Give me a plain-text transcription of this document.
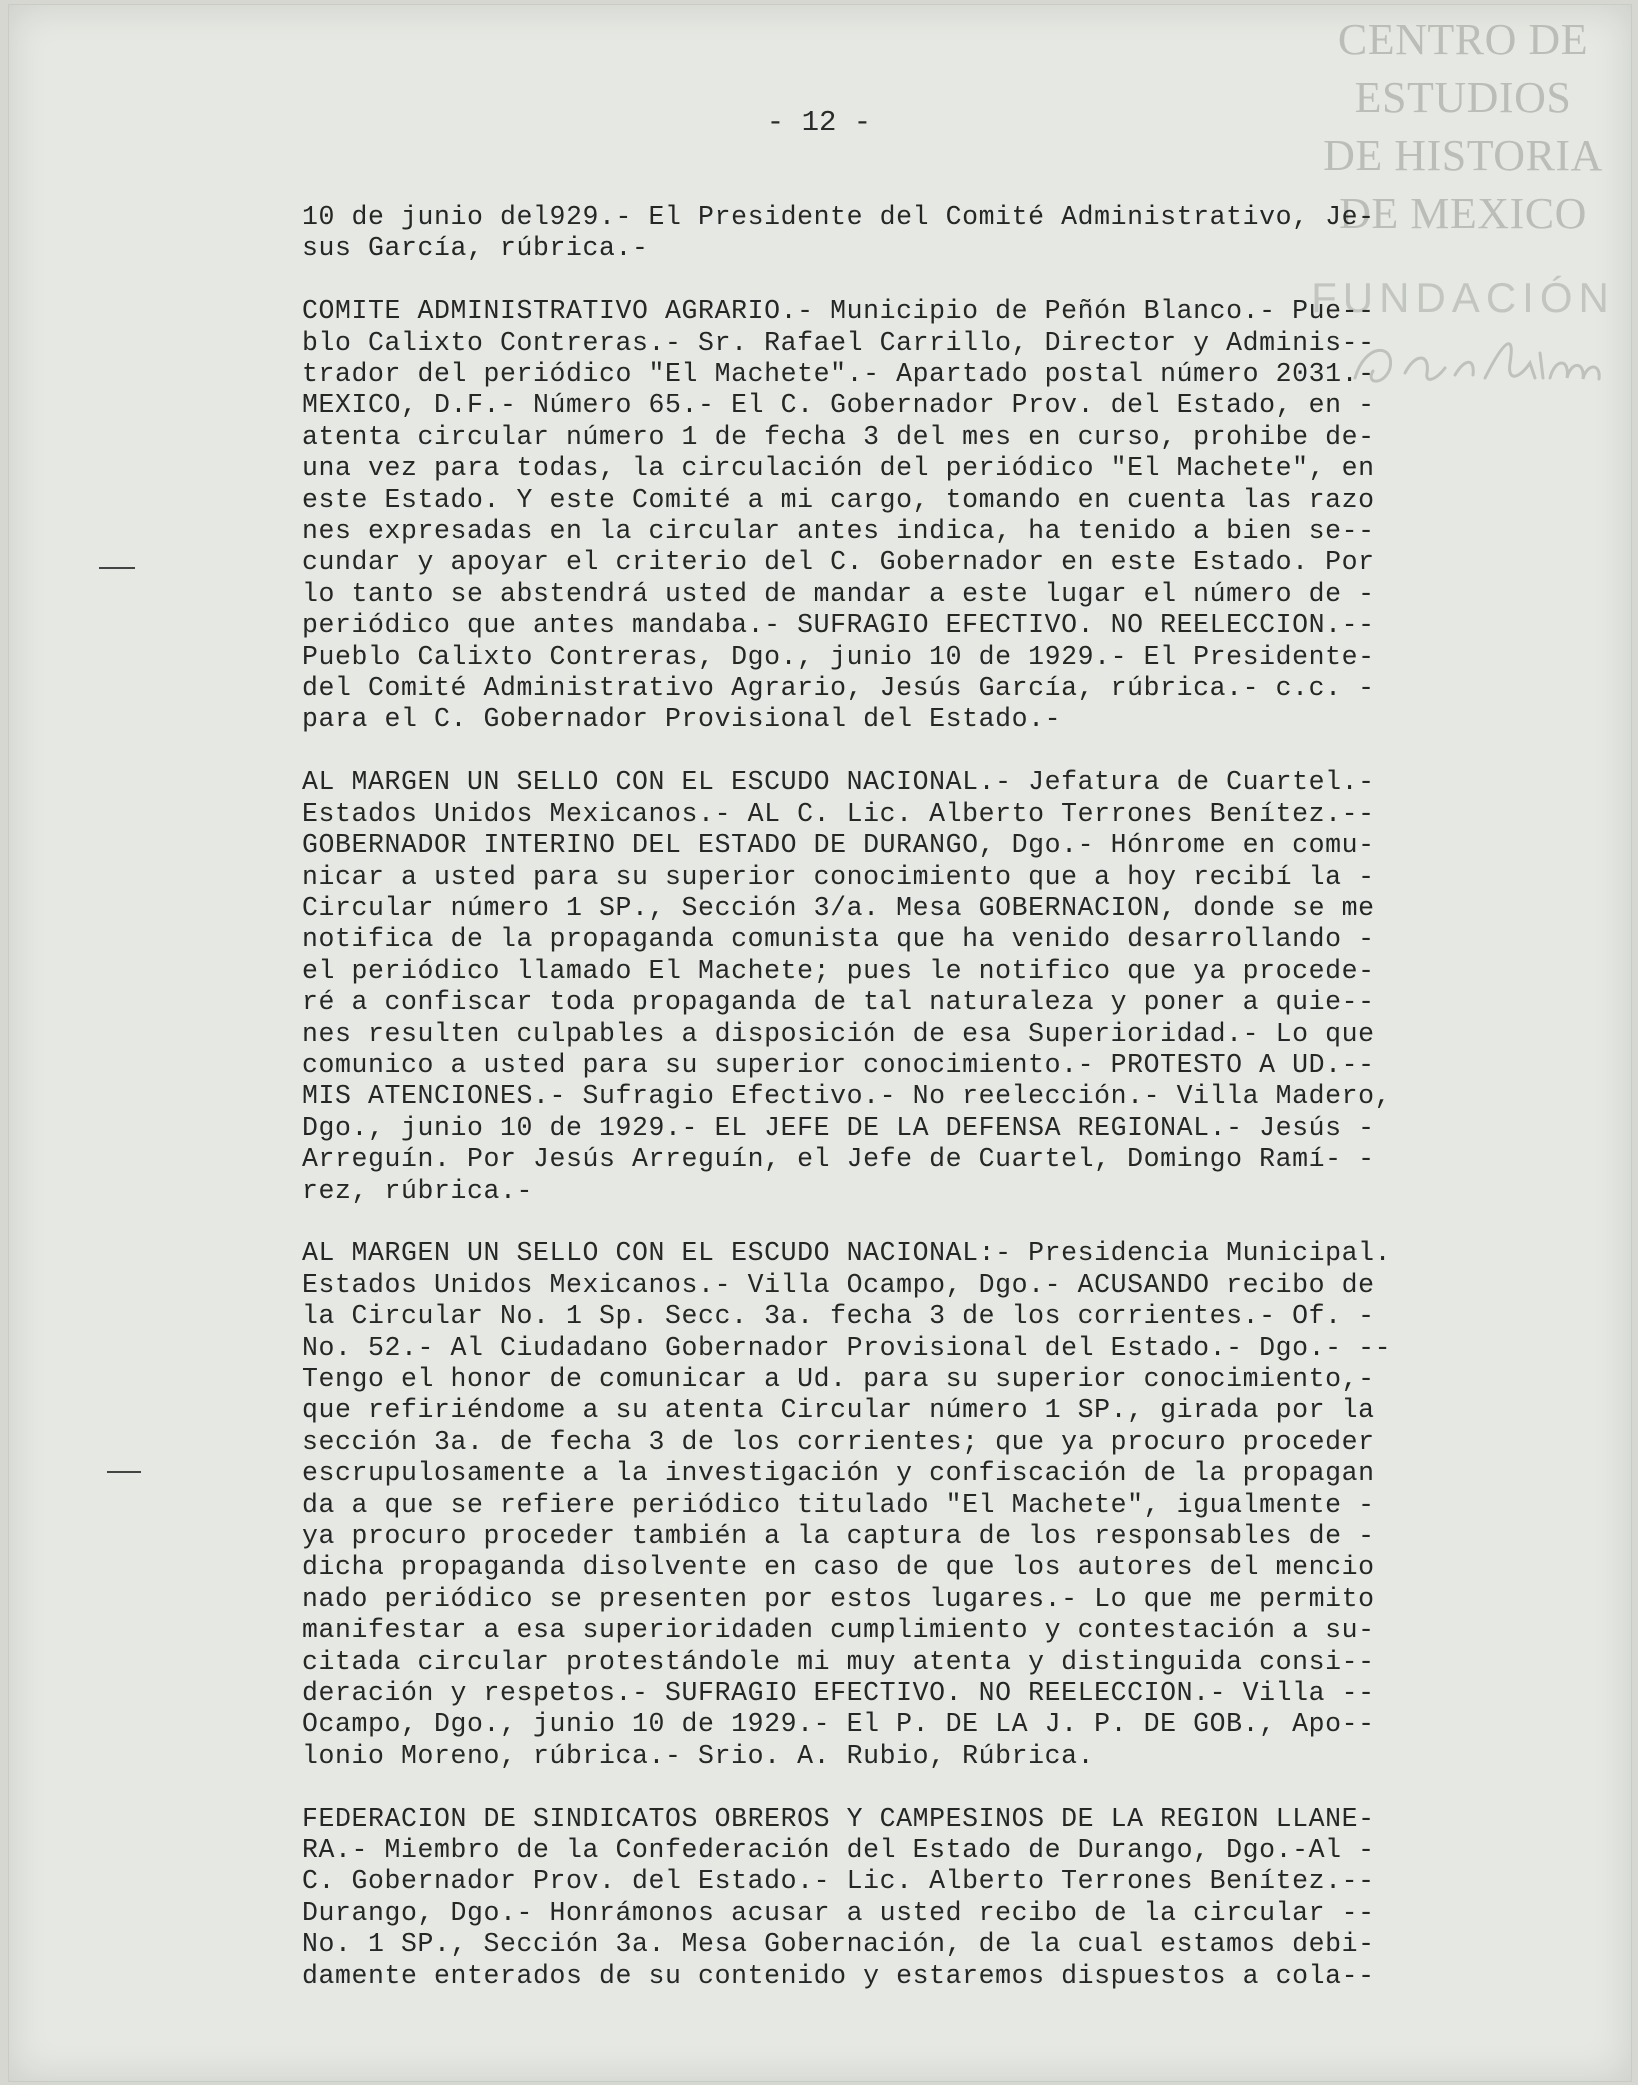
CENTRO DE
ESTUDIOS
DE HISTORIA
DE MEXICO
FUNDACIÓN
- 12 -
10 de junio del929.- El Presidente del Comité Administrativo, Je-
sus García, rúbrica.-
COMITE ADMINISTRATIVO AGRARIO.- Municipio de Peñón Blanco.- Pue--
blo Calixto Contreras.- Sr. Rafael Carrillo, Director y Adminis--
trador del periódico "El Machete".- Apartado postal número 2031.-
MEXICO, D.F.- Número 65.- El C. Gobernador Prov. del Estado, en -
atenta circular número 1 de fecha 3 del mes en curso, prohibe de-
una vez para todas, la circulación del periódico "El Machete", en
este Estado. Y este Comité a mi cargo, tomando en cuenta las razo
nes expresadas en la circular antes indica, ha tenido a bien se--
cundar y apoyar el criterio del C. Gobernador en este Estado. Por
lo tanto se abstendrá usted de mandar a este lugar el número de -
periódico que antes mandaba.- SUFRAGIO EFECTIVO. NO REELECCION.--
Pueblo Calixto Contreras, Dgo., junio 10 de 1929.- El Presidente-
del Comité Administrativo Agrario, Jesús García, rúbrica.- c.c. -
para el C. Gobernador Provisional del Estado.-
AL MARGEN UN SELLO CON EL ESCUDO NACIONAL.- Jefatura de Cuartel.-
Estados Unidos Mexicanos.- AL C. Lic. Alberto Terrones Benítez.--
GOBERNADOR INTERINO DEL ESTADO DE DURANGO, Dgo.- Hónrome en comu-
nicar a usted para su superior conocimiento que a hoy recibí la -
Circular número 1 SP., Sección 3/a. Mesa GOBERNACION, donde se me
notifica de la propaganda comunista que ha venido desarrollando -
el periódico llamado El Machete; pues le notifico que ya procede-
ré a confiscar toda propaganda de tal naturaleza y poner a quie--
nes resulten culpables a disposición de esa Superioridad.- Lo que
comunico a usted para su superior conocimiento.- PROTESTO A UD.--
MIS ATENCIONES.- Sufragio Efectivo.- No reelección.- Villa Madero,
Dgo., junio 10 de 1929.- EL JEFE DE LA DEFENSA REGIONAL.- Jesús -
Arreguín. Por Jesús Arreguín, el Jefe de Cuartel, Domingo Ramí- -
rez, rúbrica.-
AL MARGEN UN SELLO CON EL ESCUDO NACIONAL:- Presidencia Municipal.
Estados Unidos Mexicanos.- Villa Ocampo, Dgo.- ACUSANDO recibo de
la Circular No. 1 Sp. Secc. 3a. fecha 3 de los corrientes.- Of. -
No. 52.- Al Ciudadano Gobernador Provisional del Estado.- Dgo.- --
Tengo el honor de comunicar a Ud. para su superior conocimiento,-
que refiriéndome a su atenta Circular número 1 SP., girada por la
sección 3a. de fecha 3 de los corrientes; que ya procuro proceder
escrupulosamente a la investigación y confiscación de la propagan
da a que se refiere periódico titulado "El Machete", igualmente -
ya procuro proceder también a la captura de los responsables de -
dicha propaganda disolvente en caso de que los autores del mencio
nado periódico se presenten por estos lugares.- Lo que me permito
manifestar a esa superioridaden cumplimiento y contestación a su-
citada circular protestándole mi muy atenta y distinguida consi--
deración y respetos.- SUFRAGIO EFECTIVO. NO REELECCION.- Villa --
Ocampo, Dgo., junio 10 de 1929.- El P. DE LA J. P. DE GOB., Apo--
lonio Moreno, rúbrica.- Srio. A. Rubio, Rúbrica.
FEDERACION DE SINDICATOS OBREROS Y CAMPESINOS DE LA REGION LLANE-
RA.- Miembro de la Confederación del Estado de Durango, Dgo.-Al -
C. Gobernador Prov. del Estado.- Lic. Alberto Terrones Benítez.--
Durango, Dgo.- Honrámonos acusar a usted recibo de la circular --
No. 1 SP., Sección 3a. Mesa Gobernación, de la cual estamos debi-
damente enterados de su contenido y estaremos dispuestos a cola--
